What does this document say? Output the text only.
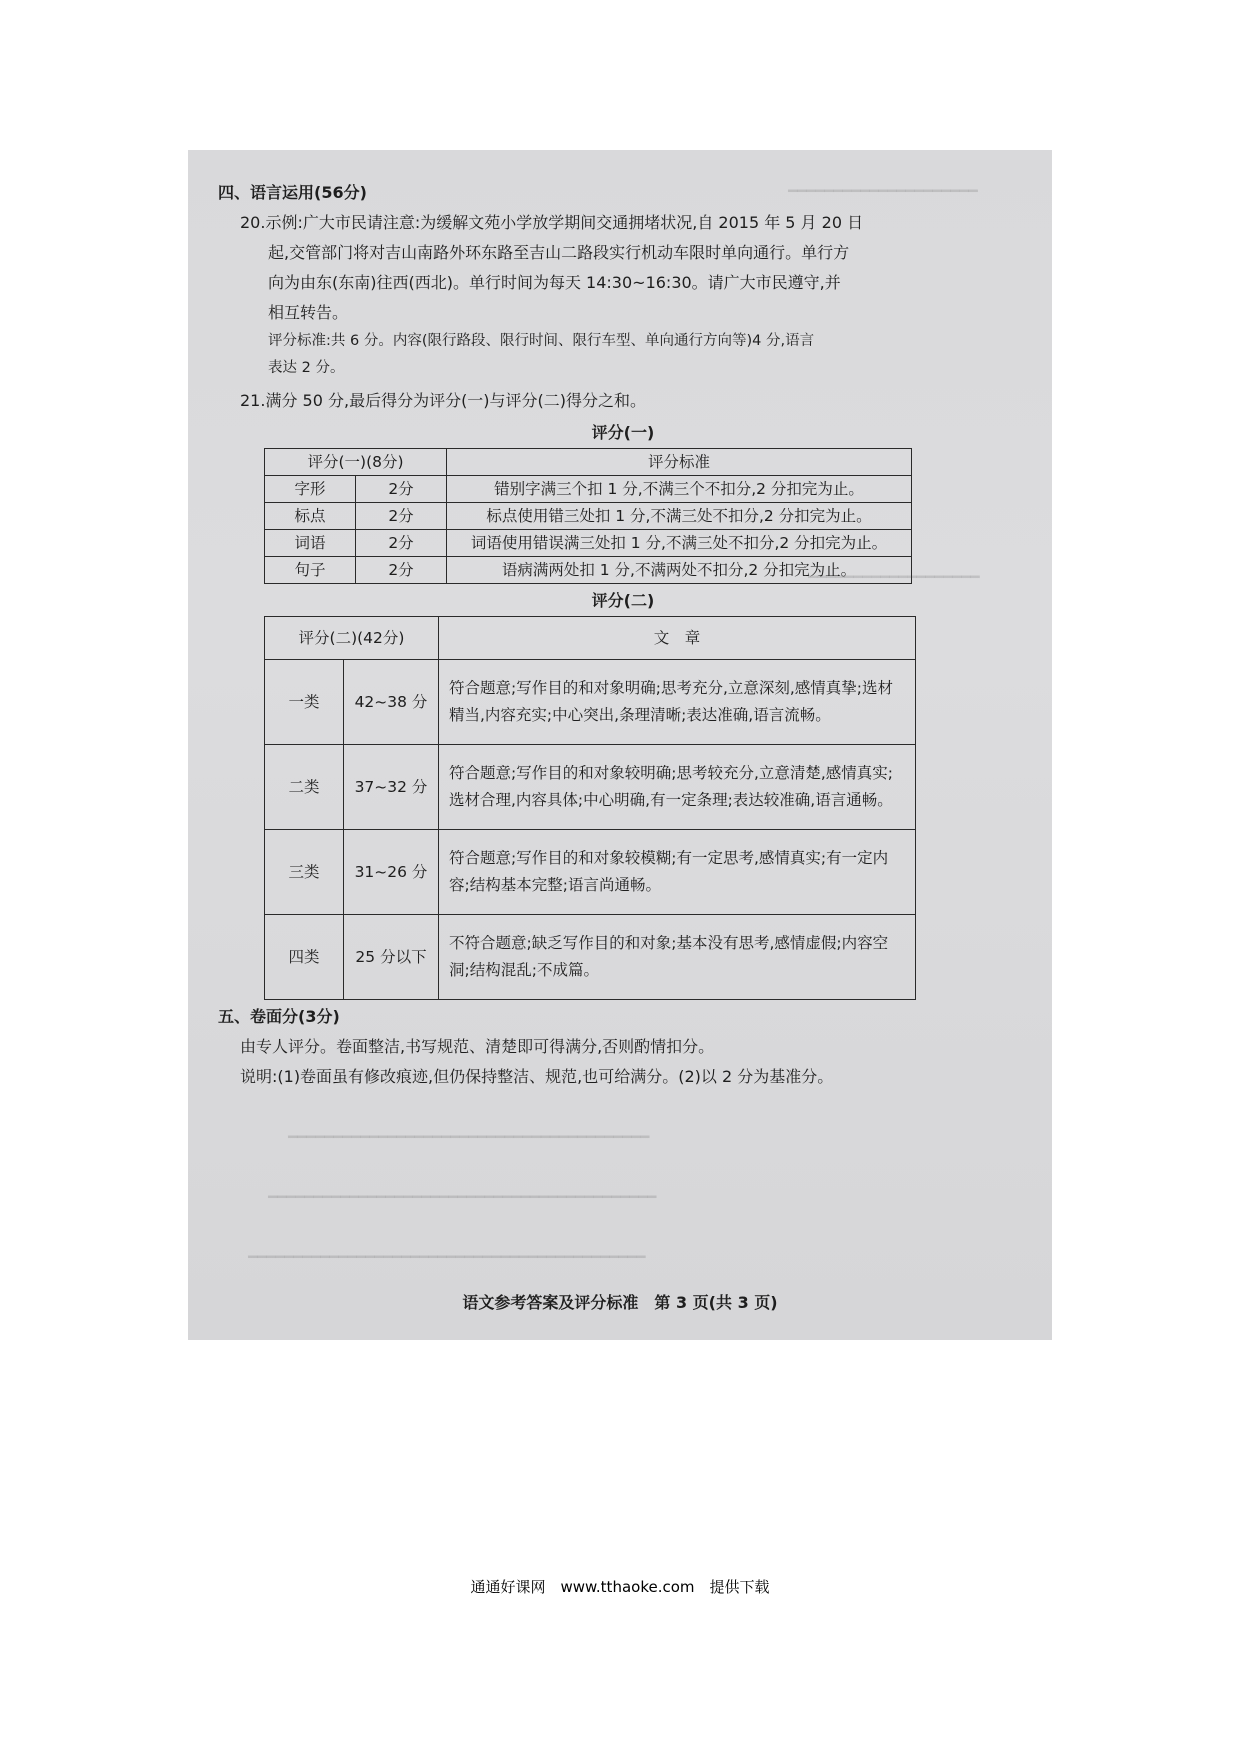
━━━━━━━━━━━━━━━━━━━━━
━━━━━━━━━━━━━━━━━━━
━━━━━━━━━━━━━━━━━━━━━━━━━━━━━━━━━━━━━━━━
━━━━━━━━━━━━━━━━━━━━━━━━━━━━━━━━━━━━━━━━━━━
━━━━━━━━━━━━━━━━━━━━━━━━━━━━━━━━━━━━━━━━━━━━
四、语言运用(56分)
20.示例:广大市民请注意:为缓解文苑小学放学期间交通拥堵状况,自 2015 年 5 月 20 日
起,交管部门将对吉山南路外环东路至吉山二路段实行机动车限时单向通行。单行方
向为由东(东南)往西(西北)。单行时间为每天 14:30~16:30。请广大市民遵守,并
相互转告。
评分标准:共 6 分。内容(限行路段、限行时间、限行车型、单向通行方向等)4 分,语言
表达 2 分。
21.满分 50 分,最后得分为评分(一)与评分(二)得分之和。
评分(一)
评分(一)(8分)		评分标准
字形	2分	错别字满三个扣 1 分,不满三个不扣分,2 分扣完为止。
标点	2分	标点使用错三处扣 1 分,不满三处不扣分,2 分扣完为止。
词语	2分	词语使用错误满三处扣 1 分,不满三处不扣分,2 分扣完为止。
句子	2分	语病满两处扣 1 分,不满两处不扣分,2 分扣完为止。
评分(二)
评分(二)(42分)		文　章
一类	42~38 分	符合题意;写作目的和对象明确;思考充分,立意深刻,感情真挚;选材精当,内容充实;中心突出,条理清晰;表达准确,语言流畅。
二类	37~32 分	符合题意;写作目的和对象较明确;思考较充分,立意清楚,感情真实;选材合理,内容具体;中心明确,有一定条理;表达较准确,语言通畅。
三类	31~26 分	符合题意;写作目的和对象较模糊;有一定思考,感情真实;有一定内容;结构基本完整;语言尚通畅。
四类	25 分以下	不符合题意;缺乏写作目的和对象;基本没有思考,感情虚假;内容空洞;结构混乱;不成篇。
五、卷面分(3分)
由专人评分。卷面整洁,书写规范、清楚即可得满分,否则酌情扣分。
说明:(1)卷面虽有修改痕迹,但仍保持整洁、规范,也可给满分。(2)以 2 分为基准分。
语文参考答案及评分标准　第 3 页(共 3 页)
通通好课网　www.tthaoke.com　提供下载
